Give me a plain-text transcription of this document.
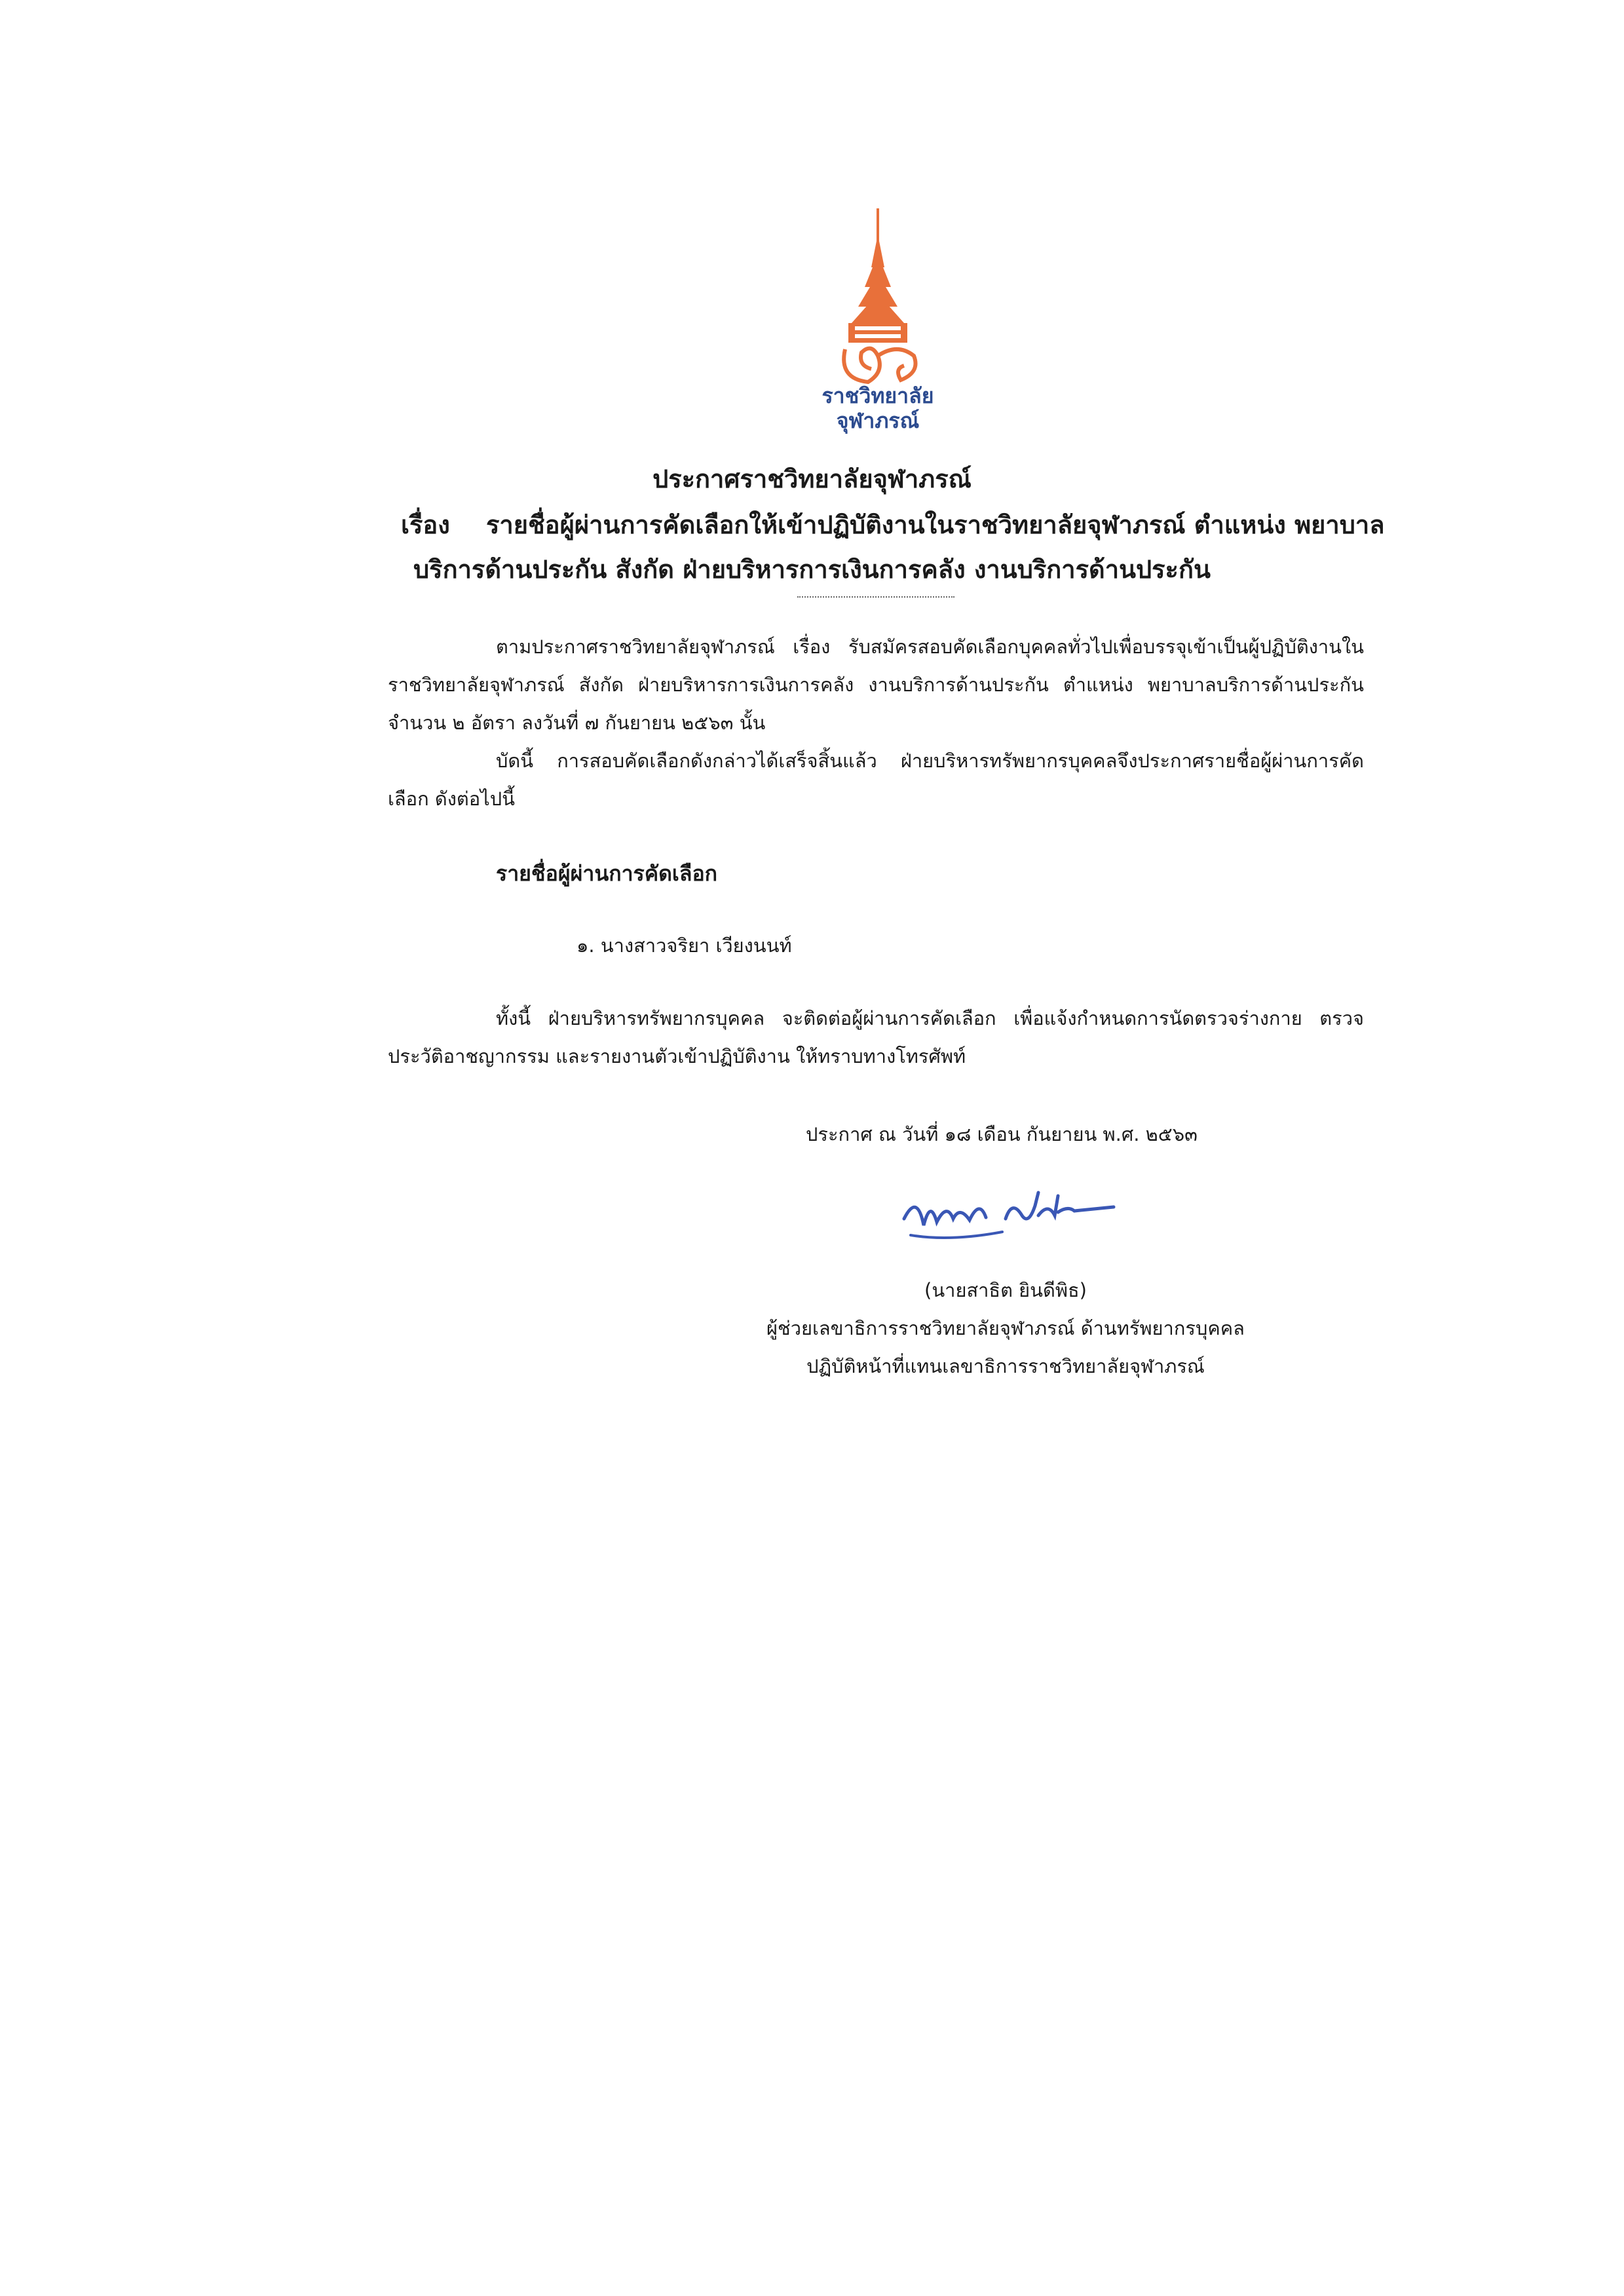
ราชวิทยาลัย
จุฬาภรณ์
ประกาศราชวิทยาลัยจุฬาภรณ์
เรื่อง รายชื่อผู้ผ่านการคัดเลือกให้เข้าปฏิบัติงานในราชวิทยาลัยจุฬาภรณ์ ตำแหน่ง พยาบาล
บริการด้านประกัน สังกัด ฝ่ายบริหารการเงินการคลัง งานบริการด้านประกัน
ตามประกาศราชวิทยาลัยจุฬาภรณ์ เรื่อง รับสมัครสอบคัดเลือกบุคคลทั่วไปเพื่อบรรจุเข้าเป็นผู้ปฏิบัติงานในราชวิทยาลัยจุฬาภรณ์ สังกัด ฝ่ายบริหารการเงินการคลัง งานบริการด้านประกัน ตำแหน่ง พยาบาลบริการด้านประกัน จำนวน ๒ อัตรา ลงวันที่ ๗ กันยายน ๒๕๖๓ นั้น
บัดนี้ การสอบคัดเลือกดังกล่าวได้เสร็จสิ้นแล้ว ฝ่ายบริหารทรัพยากรบุคคลจึงประกาศรายชื่อผู้ผ่านการคัดเลือก ดังต่อไปนี้
รายชื่อผู้ผ่านการคัดเลือก
๑. นางสาวจริยา เวียงนนท์
ทั้งนี้ ฝ่ายบริหารทรัพยากรบุคคล จะติดต่อผู้ผ่านการคัดเลือก เพื่อแจ้งกำหนดการนัดตรวจร่างกาย ตรวจประวัติอาชญากรรม และรายงานตัวเข้าปฏิบัติงาน ให้ทราบทางโทรศัพท์
ประกาศ ณ วันที่ ๑๘ เดือน กันยายน พ.ศ. ๒๕๖๓
(นายสาธิต ยินดีพิธ)
ผู้ช่วยเลขาธิการราชวิทยาลัยจุฬาภรณ์ ด้านทรัพยากรบุคคล
ปฏิบัติหน้าที่แทนเลขาธิการราชวิทยาลัยจุฬาภรณ์
